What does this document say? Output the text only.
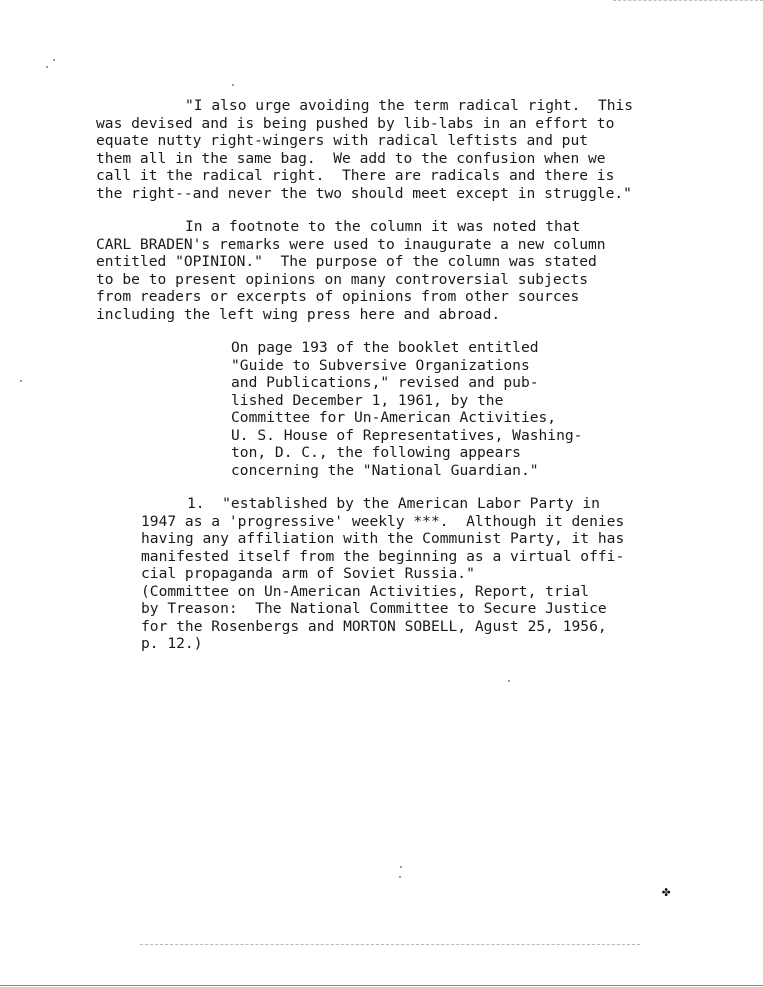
"I also urge avoiding the term radical right.  This
was devised and is being pushed by lib-labs in an effort to
equate nutty right-wingers with radical leftists and put
them all in the same bag.  We add to the confusion when we
call it the radical right.  There are radicals and there is
the right--and never the two should meet except in struggle."
In a footnote to the column it was noted that
CARL BRADEN's remarks were used to inaugurate a new column
entitled "OPINION."  The purpose of the column was stated
to be to present opinions on many controversial subjects
from readers or excerpts of opinions from other sources
including the left wing press here and abroad.
On page 193 of the booklet entitled
"Guide to Subversive Organizations
and Publications," revised and pub-
lished December 1, 1961, by the
Committee for Un-American Activities,
U. S. House of Representatives, Washing-
ton, D. C., the following appears
concerning the "National Guardian."
1.  "established by the American Labor Party in
1947 as a 'progressive' weekly ***.  Although it denies
having any affiliation with the Communist Party, it has
manifested itself from the beginning as a virtual offi-
cial propaganda arm of Soviet Russia."
(Committee on Un-American Activities, Report, trial
by Treason:  The National Committee to Secure Justice
for the Rosenbergs and MORTON SOBELL, Agust 25, 1956,
p. 12.)
✤
